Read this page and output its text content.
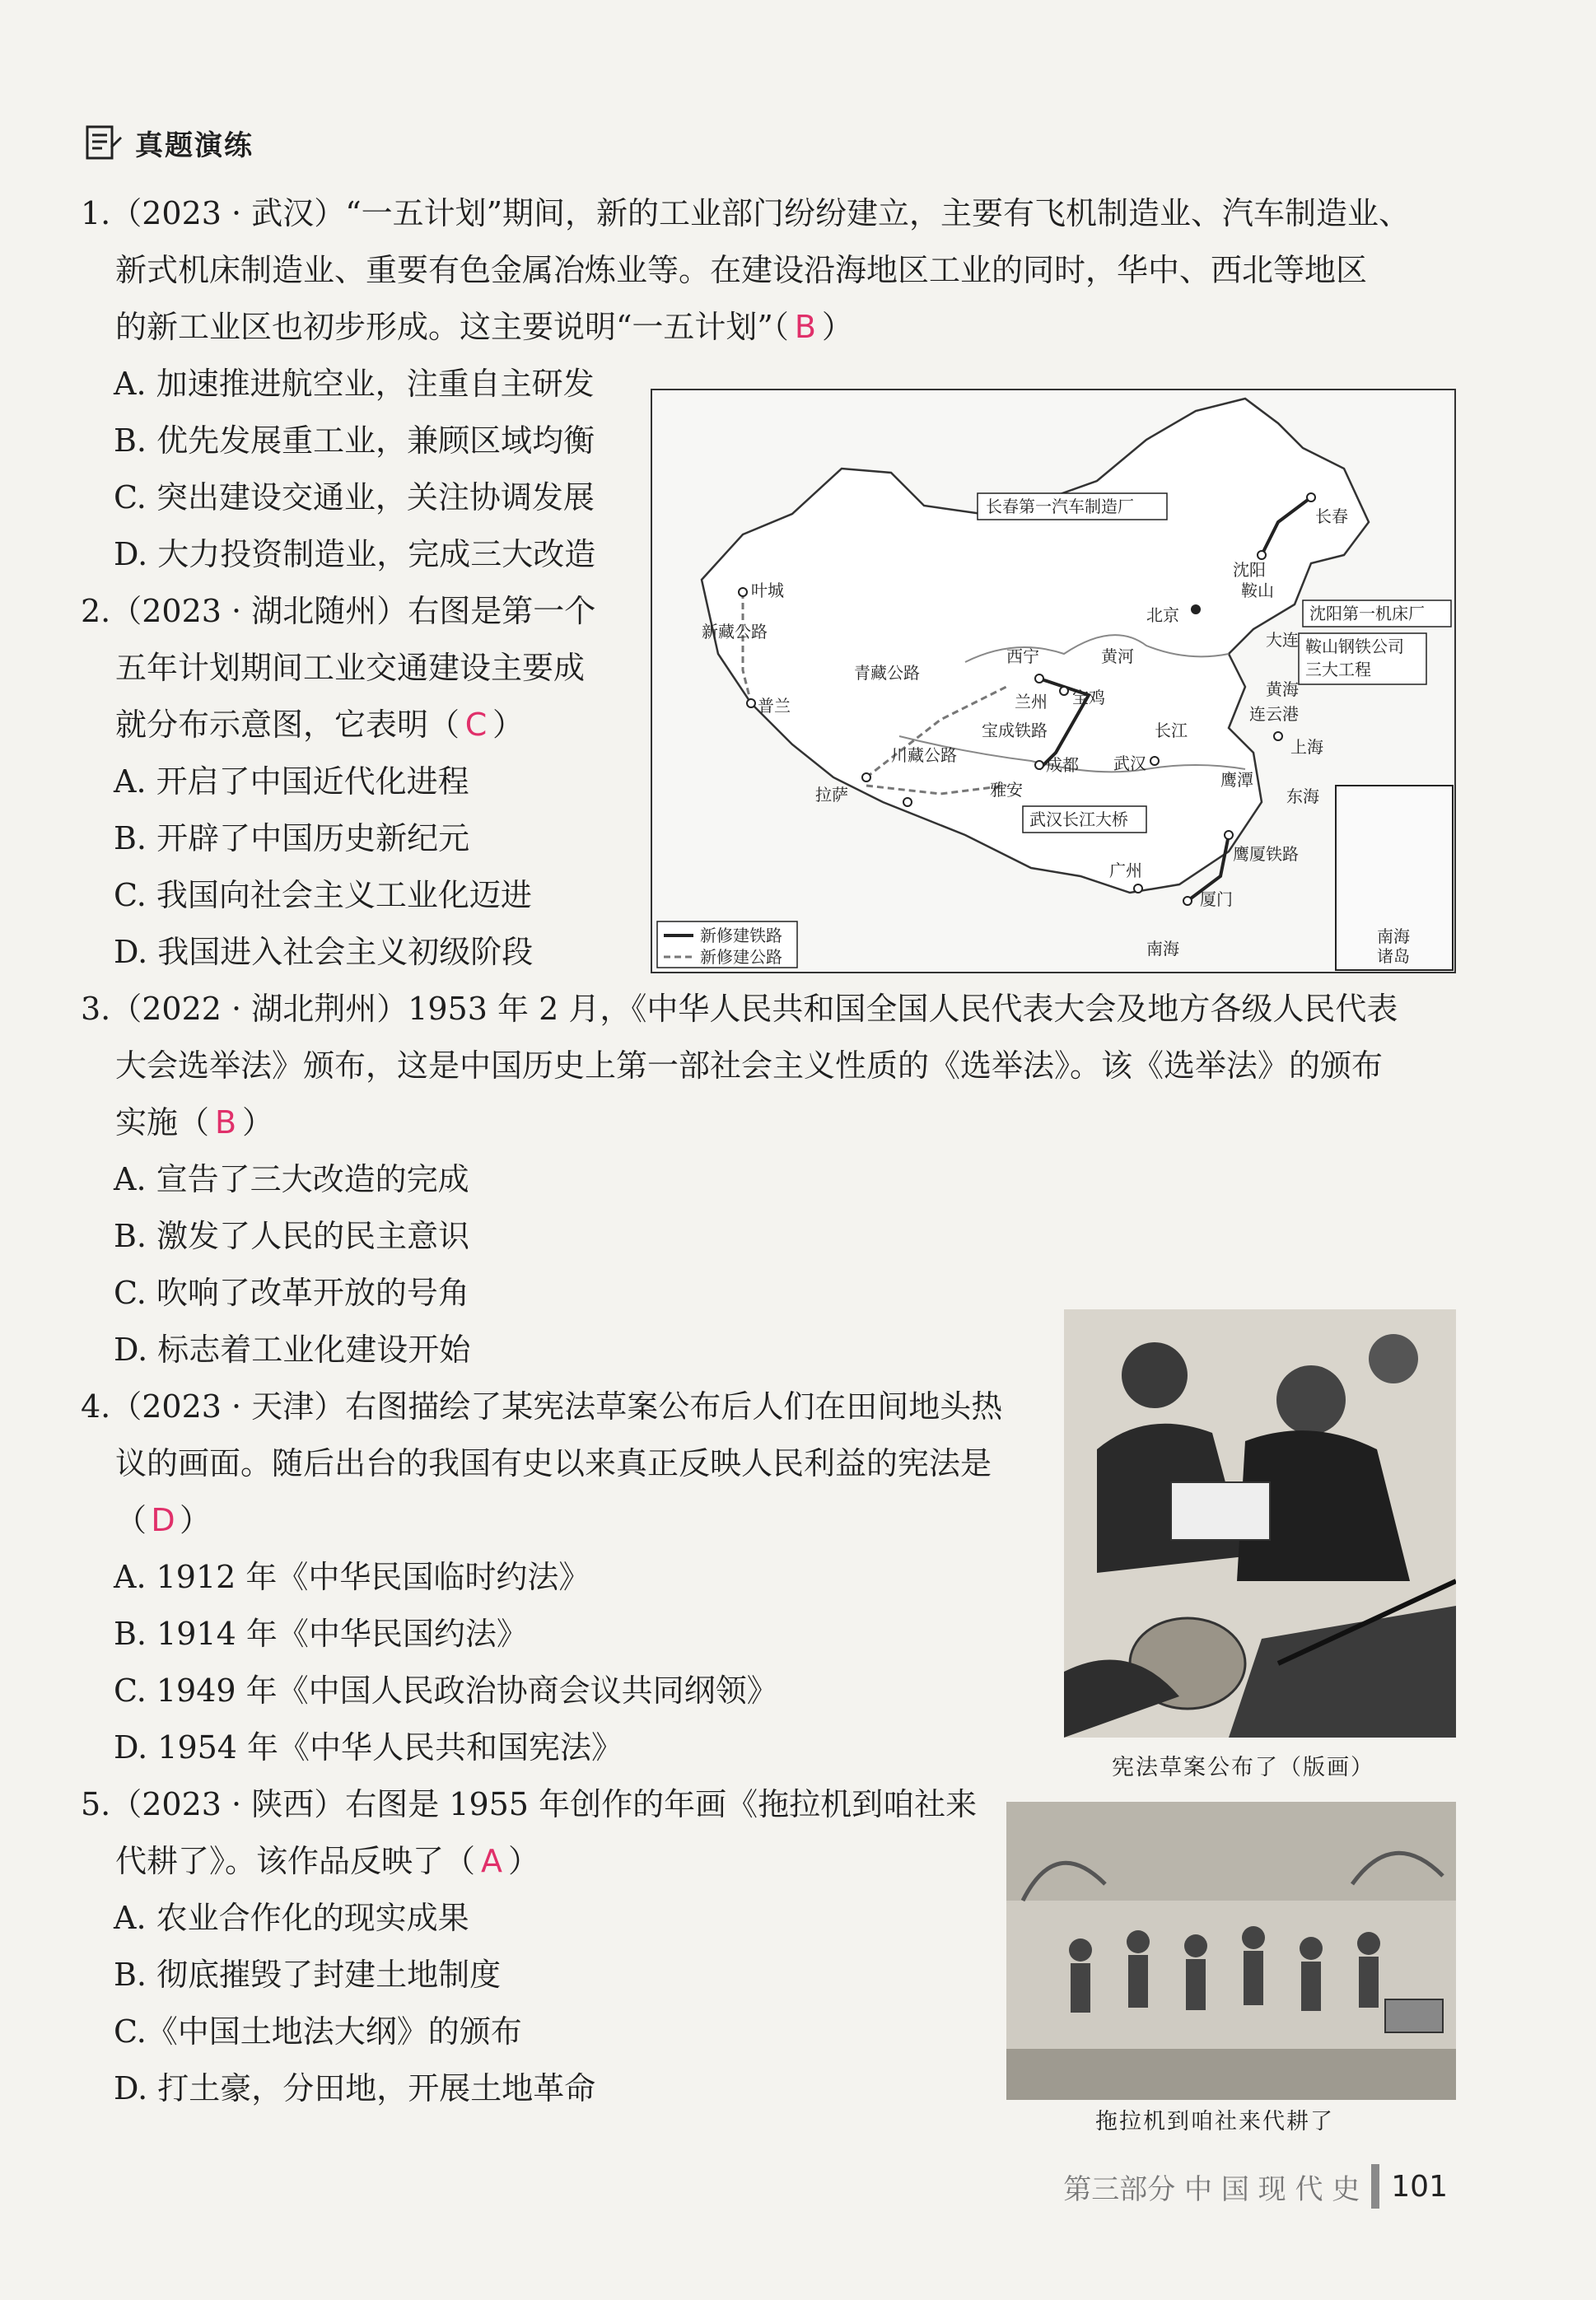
真题演练
1.（2023 · 武汉）“一五计划”期间，新的工业部门纷纷建立，主要有飞机制造业、汽车制造业、
新式机床制造业、重要有色金属冶炼业等。在建设沿海地区工业的同时，华中、西北等地区
的新工业区也初步形成。这主要说明“一五计划”（ B ）
A. 加速推进航空业，注重自主研发
B. 优先发展重工业，兼顾区域均衡
C. 突出建设交通业，关注协调发展
D. 大力投资制造业，完成三大改造
2.（2023 · 湖北随州）右图是第一个
五年计划期间工业交通建设主要成
就分布示意图，它表明（ C ）
A. 开启了中国近代化进程
B. 开辟了中国历史新纪元
C. 我国向社会主义工业化迈进
D. 我国进入社会主义初级阶段
长春第一汽车制造厂
沈阳第一机床厂
鞍山钢铁公司
三大工程
武汉长江大桥
长春
沈阳
鞍山
北京
大连
连云港
上海
西宁
兰州 宝鸡
宝成铁路
成都
雅安
武汉
鹰潭
鹰厦铁路
厦门
广州
拉萨
叶城
普兰
新藏公路
青藏公路
川藏公路
黄河
长江
黄海
东海
南海
南海
诸岛
新修建铁路
新修建公路
3.（2022 · 湖北荆州）1953 年 2 月，《中华人民共和国全国人民代表大会及地方各级人民代表
大会选举法》颁布，这是中国历史上第一部社会主义性质的《选举法》。该《选举法》的颁布
实施（ B ）
A. 宣告了三大改造的完成
B. 激发了人民的民主意识
C. 吹响了改革开放的号角
D. 标志着工业化建设开始
4.（2023 · 天津）右图描绘了某宪法草案公布后人们在田间地头热
议的画面。随后出台的我国有史以来真正反映人民利益的宪法是
（ D ）
A. 1912 年《中华民国临时约法》
B. 1914 年《中华民国约法》
C. 1949 年《中国人民政治协商会议共同纲领》
D. 1954 年《中华人民共和国宪法》
宪法草案公布了（版画）
5.（2023 · 陕西）右图是 1955 年创作的年画《拖拉机到咱社来
代耕了》。该作品反映了（ A ）
A. 农业合作化的现实成果
B. 彻底摧毁了封建土地制度
C.《中国土地法大纲》的颁布
D. 打土豪，分田地，开展土地革命
拖拉机到咱社来代耕了
第三部分 中 国 现 代 史 101
